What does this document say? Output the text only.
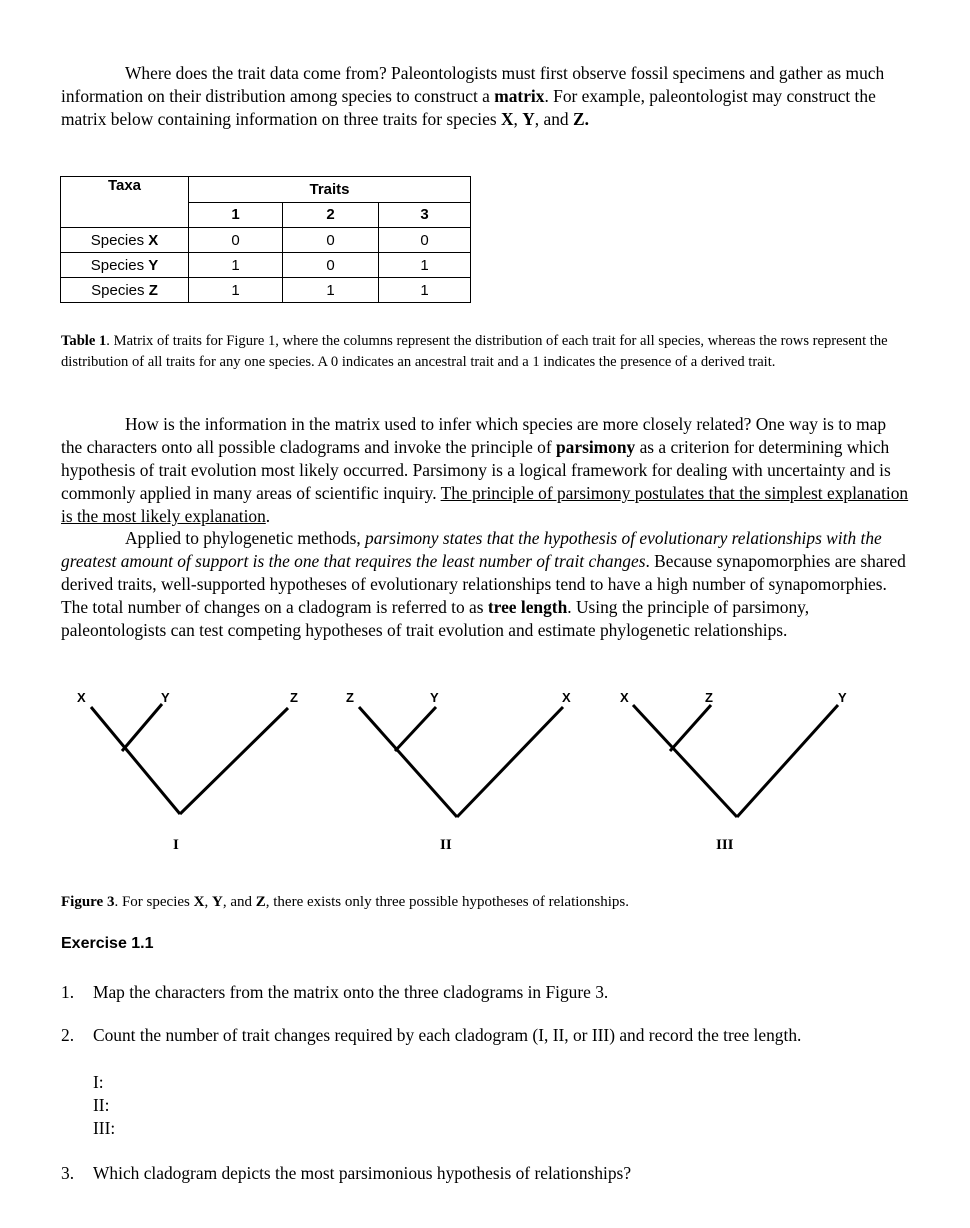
Where does the trait data come from? Paleontologists must first observe fossil specimens and gather as much information on their distribution among species to construct a matrix. For example, paleontologist may construct the matrix below containing information on three traits for species X, Y, and Z.

Taxa	Traits		
	1	2	3
Species X	0	0	0
Species Y	1	0	1
Species Z	1	1	1

Table 1. Matrix of traits for Figure 1, where the columns represent the distribution of each trait for all species, whereas the rows represent the distribution of all traits for any one species. A 0 indicates an ancestral trait and a 1 indicates the presence of a derived trait.

How is the information in the matrix used to infer which species are more closely related? One way is to map the characters onto all possible cladograms and invoke the principle of parsimony as a criterion for determining which hypothesis of trait evolution most likely occurred. Parsimony is a logical framework for dealing with uncertainty and is commonly applied in many areas of scientific inquiry. The principle of parsimony postulates that the simplest explanation is the most likely explanation.

Applied to phylogenetic methods, parsimony states that the hypothesis of evolutionary relationships with the greatest amount of support is the one that requires the least number of trait changes. Because synapomorphies are shared derived traits, well-supported hypotheses of evolutionary relationships tend to have a high number of synapomorphies. The total number of changes on a cladogram is referred to as tree length. Using the principle of parsimony, paleontologists can test competing hypotheses of trait evolution and estimate phylogenetic relationships.

X	Y	Z
I
Z	Y	X
II
X	Z	Y
III

Figure 3. For species X, Y, and Z, there exists only three possible hypotheses of relationships.

Exercise 1.1
1. Map the characters from the matrix onto the three cladograms in Figure 3.
2. Count the number of trait changes required by each cladogram (I, II, or III) and record the tree length.
I:
II:
III:
3. Which cladogram depicts the most parsimonious hypothesis of relationships?
